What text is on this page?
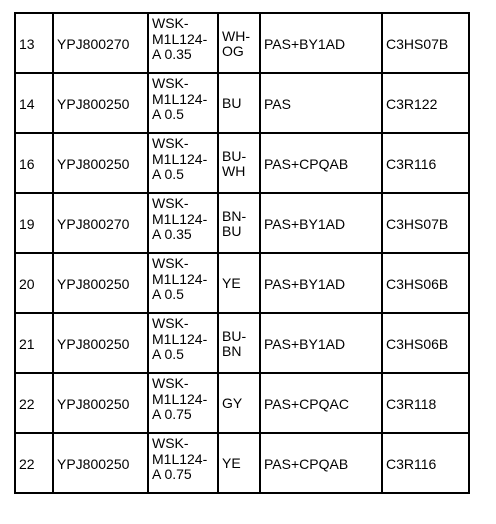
13	YPJ800270	WSK-
M1L124-
A 0.35	WH-
OG	PAS+BY1AD	C3HS07B
14	YPJ800250	WSK-
M1L124-
A 0.5	BU	PAS	C3R122
16	YPJ800250	WSK-
M1L124-
A 0.5	BU-
WH	PAS+CPQAB	C3R116
19	YPJ800270	WSK-
M1L124-
A 0.35	BN-
BU	PAS+BY1AD	C3HS07B
20	YPJ800250	WSK-
M1L124-
A 0.5	YE	PAS+BY1AD	C3HS06B
21	YPJ800250	WSK-
M1L124-
A 0.5	BU-
BN	PAS+BY1AD	C3HS06B
22	YPJ800250	WSK-
M1L124-
A 0.75	GY	PAS+CPQAC	C3R118
22	YPJ800250	WSK-
M1L124-
A 0.75	YE	PAS+CPQAB	C3R116
